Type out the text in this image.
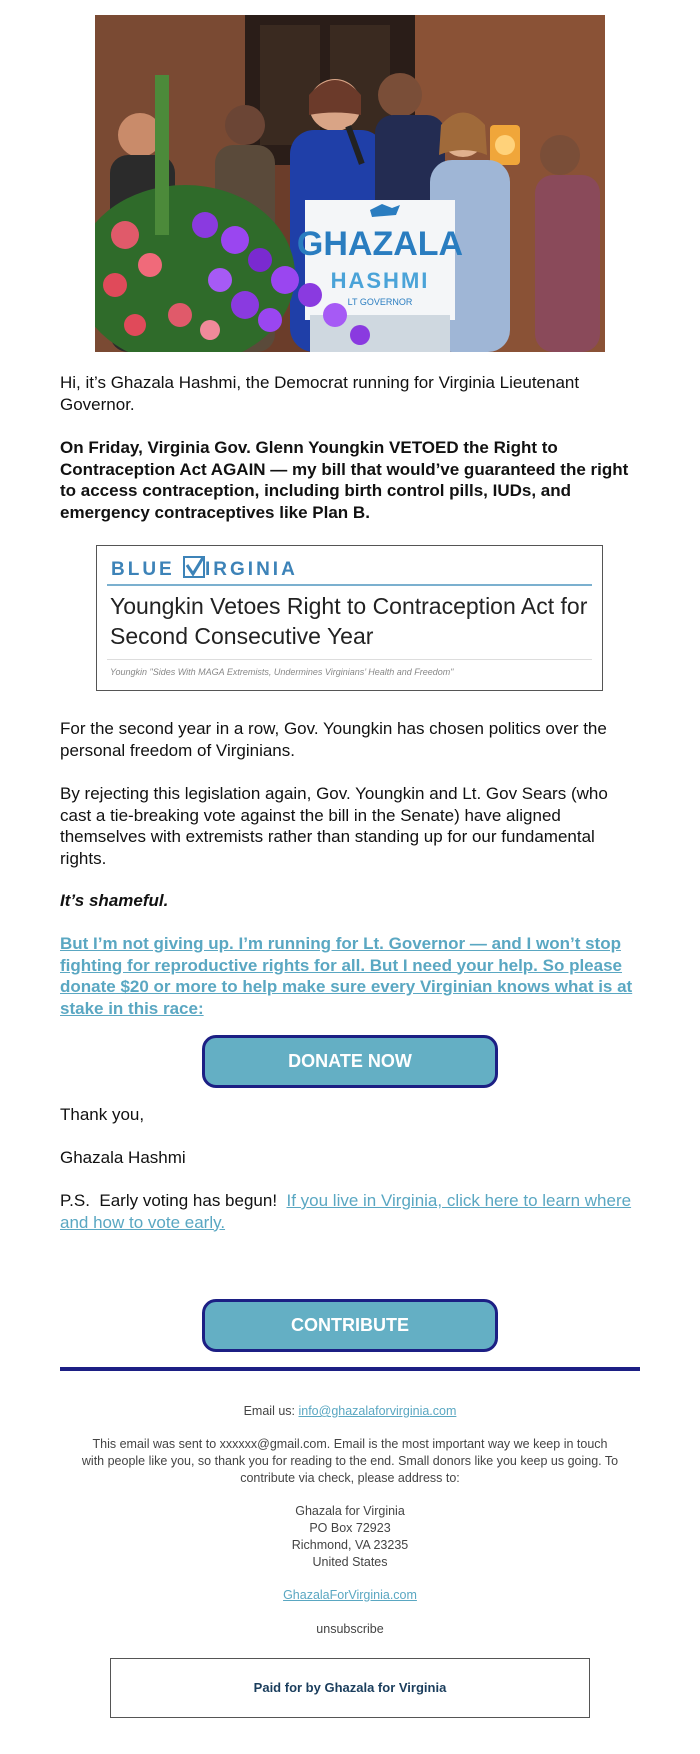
GHAZALA
HASHMI
LT GOVERNOR

Hi, it’s Ghazala Hashmi, the Democrat running for Virginia Lieutenant Governor.

On Friday, Virginia Gov. Glenn Youngkin VETOED the Right to

Contraception Act AGAIN — my bill that would’ve guaranteed the right

to access contraception, including birth control pills, IUDs, and

emergency contraceptives like Plan B.

BLUE IRGINIA
Youngkin Vetoes Right to Contraception Act for
Second Consecutive Year
Youngkin "Sides With MAGA Extremists, Undermines Virginians’ Health and Freedom"

For the second year in a row, Gov. Youngkin has chosen politics over the personal freedom of Virginians.

By rejecting this legislation again, Gov. Youngkin and Lt. Gov Sears (who cast a tie-breaking vote against the bill in the Senate) have aligned themselves with extremists rather than standing up for our fundamental rights.

It’s shameful.

But I’m not giving up. I’m running for Lt. Governor — and I won’t stop fighting for reproductive rights for all. But I need your help. So please donate $20 or more to help make sure every Virginian knows what is at stake in this race:
DONATE NOW

Thank you,

Ghazala Hashmi

P.S.  Early voting has begun!  If you live in Virginia, click here to learn where and how to vote early.
CONTRIBUTE
Email us: info@ghazalaforvirginia.com

This email was sent to xxxxxx@gmail.com. Email is the most important way we keep in touch with people like you, so thank you for reading to the end. Small donors like you keep us going. To contribute via check, please address to:

Ghazala for Virginia

PO Box 72923

Richmond, VA 23235

United States

GhazalaForVirginia.com
unsubscribe
Paid for by Ghazala for Virginia
